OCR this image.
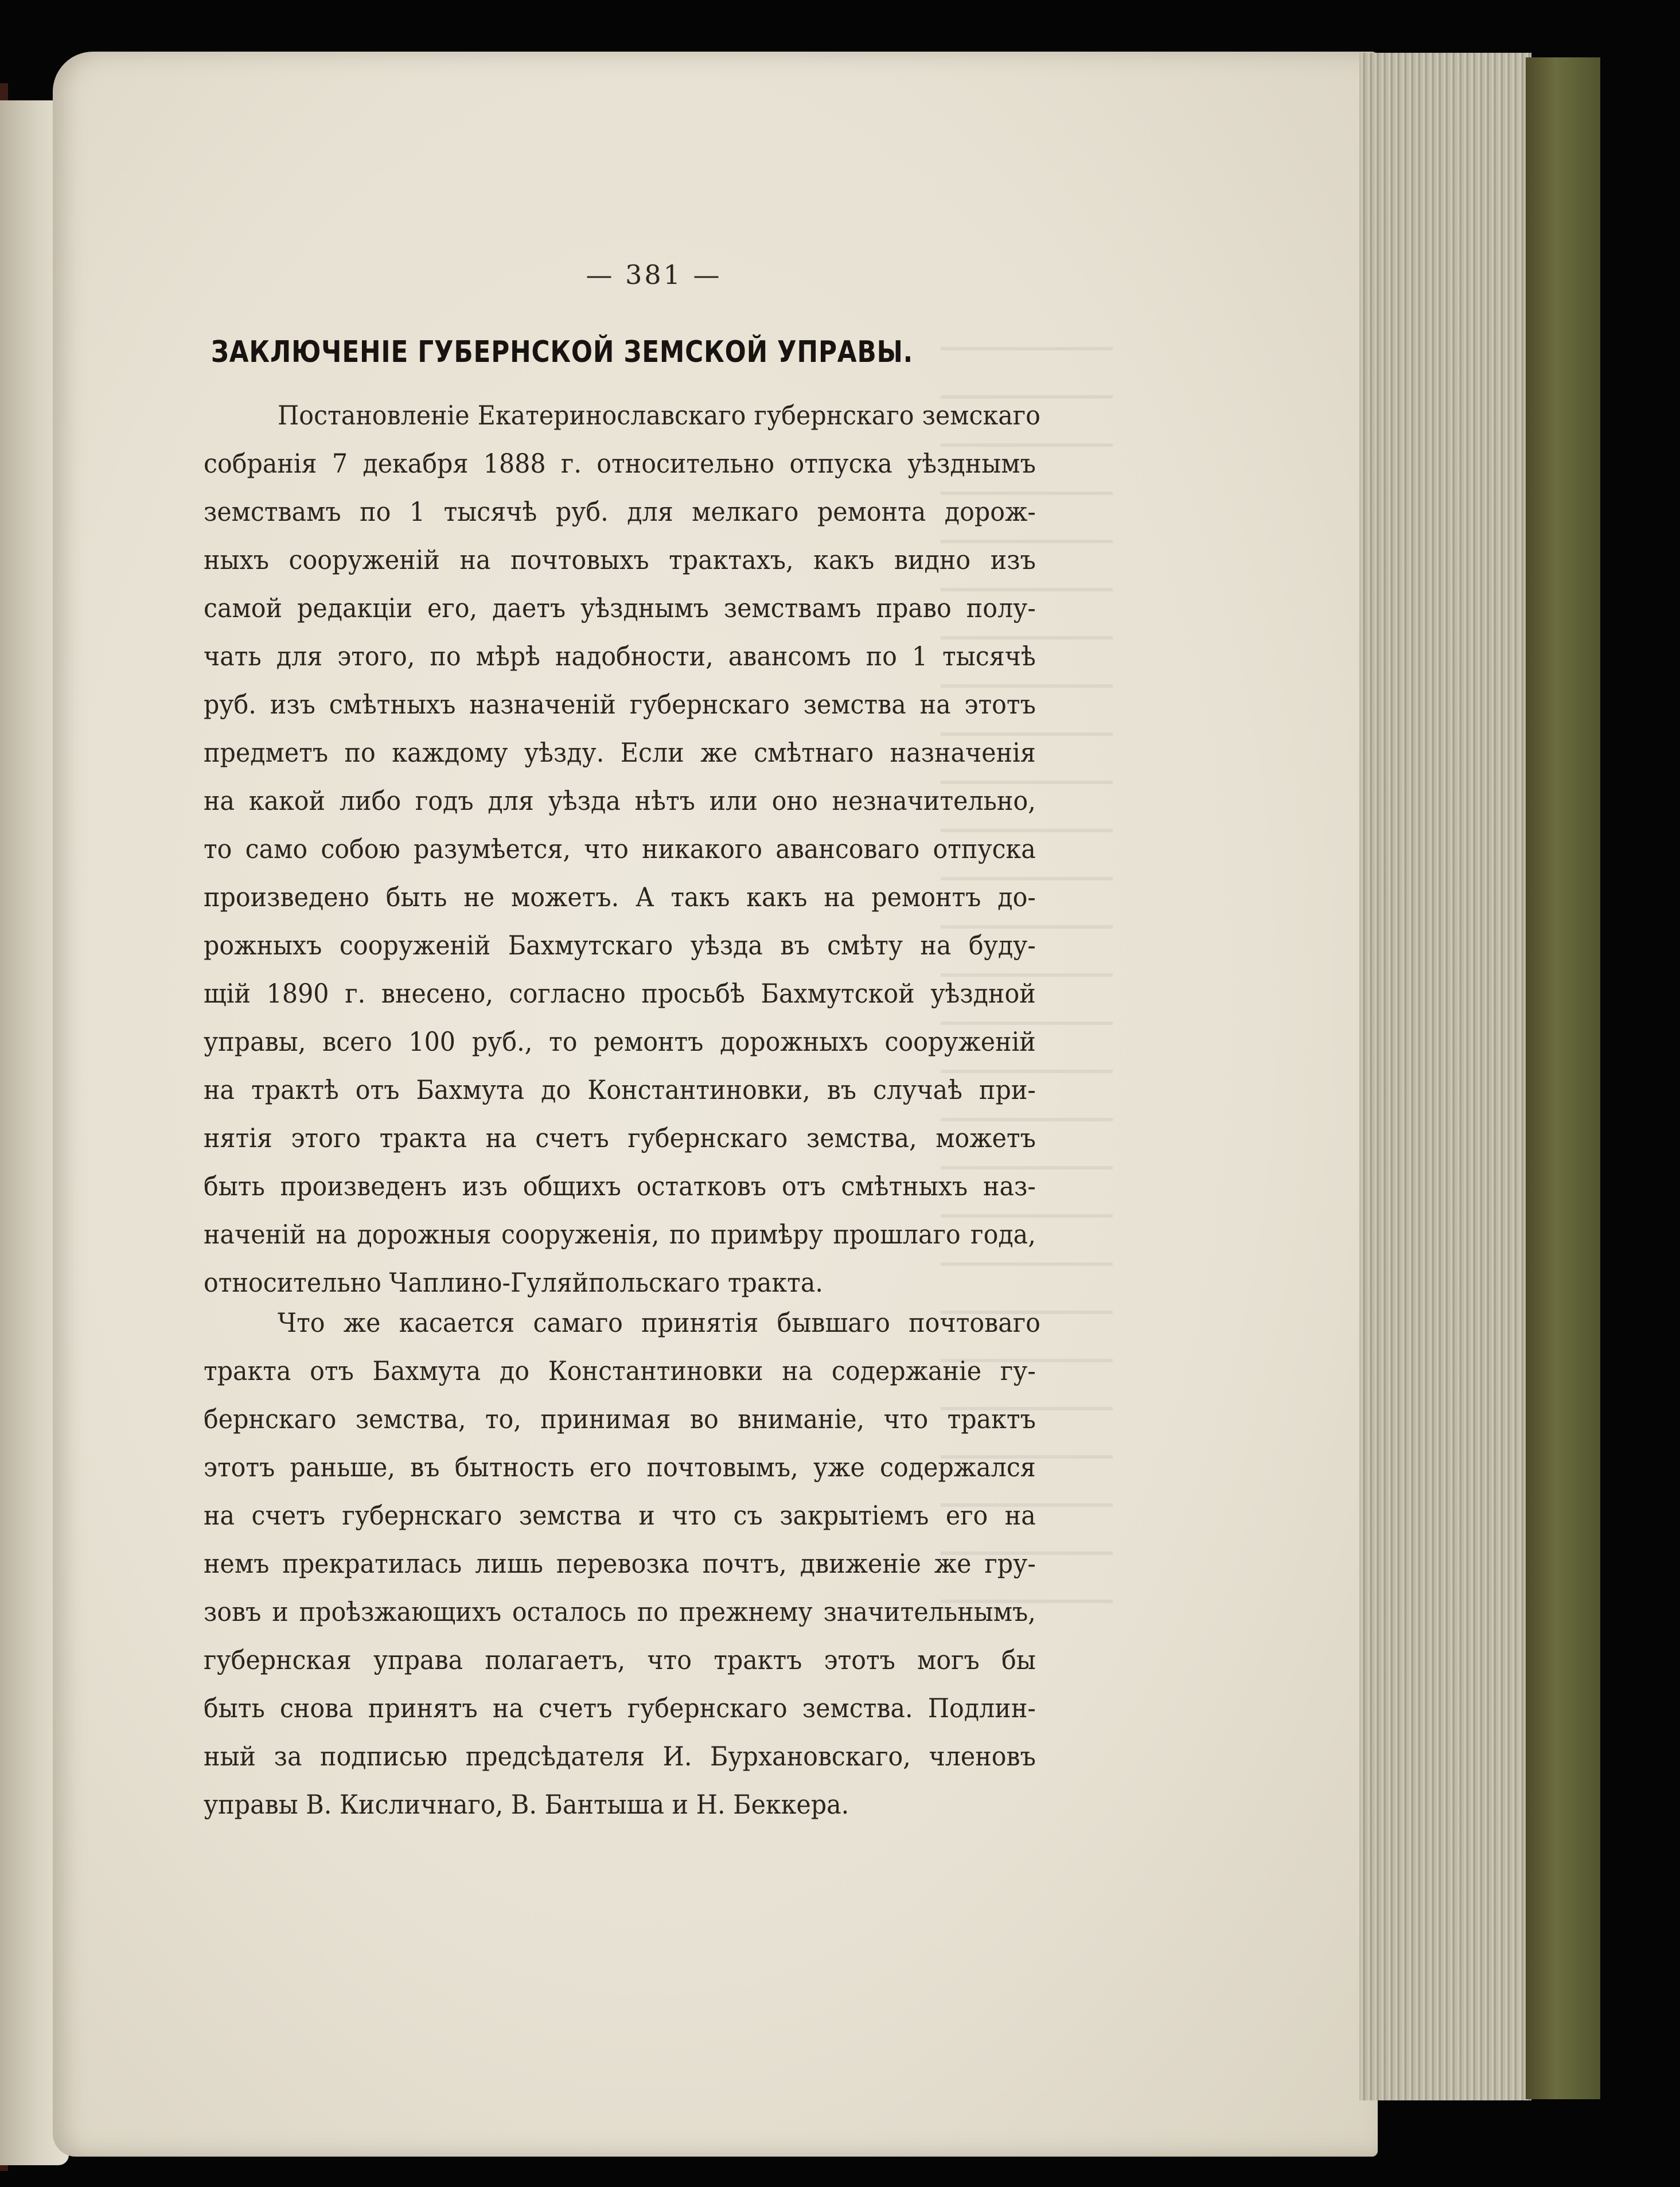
— 381 —
ЗАКЛЮЧЕНІЕ ГУБЕРНСКОЙ ЗЕМСКОЙ УПРАВЫ.
Постановленіе Екатеринославскаго губернскаго земскаго
собранія 7 декабря 1888 г. относительно отпуска уѣзднымъ
земствамъ по 1 тысячѣ руб. для мелкаго ремонта дорож-
ныхъ сооруженій на почтовыхъ трактахъ, какъ видно изъ
самой редакціи его, даетъ уѣзднымъ земствамъ право полу-
чать для этого, по мѣрѣ надобности, авансомъ по 1 тысячѣ
руб. изъ смѣтныхъ назначеній губернскаго земства на этотъ
предметъ по каждому уѣзду. Если же смѣтнаго назначенія
на какой либо годъ для уѣзда нѣтъ или оно незначительно,
то само собою разумѣется, что никакого авансоваго отпуска
произведено быть не можетъ. А такъ какъ на ремонтъ до-
рожныхъ сооруженій Бахмутскаго уѣзда въ смѣту на буду-
щій 1890 г. внесено, согласно просьбѣ Бахмутской уѣздной
управы, всего 100 руб., то ремонтъ дорожныхъ сооруженій
на трактѣ отъ Бахмута до Константиновки, въ случаѣ при-
нятія этого тракта на счетъ губернскаго земства, можетъ
быть произведенъ изъ общихъ остатковъ отъ смѣтныхъ наз-
наченій на дорожныя сооруженія, по примѣру прошлаго года,
относительно Чаплино-Гуляйпольскаго тракта.
Что же касается самаго принятія бывшаго почтоваго
тракта отъ Бахмута до Константиновки на содержаніе гу-
бернскаго земства, то, принимая во вниманіе, что трактъ
этотъ раньше, въ бытность его почтовымъ, уже содержался
на счетъ губернскаго земства и что съ закрытіемъ его на
немъ прекратилась лишь перевозка почтъ, движеніе же гру-
зовъ и проѣзжающихъ осталось по прежнему значительнымъ,
губернская управа полагаетъ, что трактъ этотъ могъ бы
быть снова принятъ на счетъ губернскаго земства. Подлин-
ный за подписью предсѣдателя И. Бурхановскаго, членовъ
управы В. Кисличнаго, В. Бантыша и Н. Беккера.
